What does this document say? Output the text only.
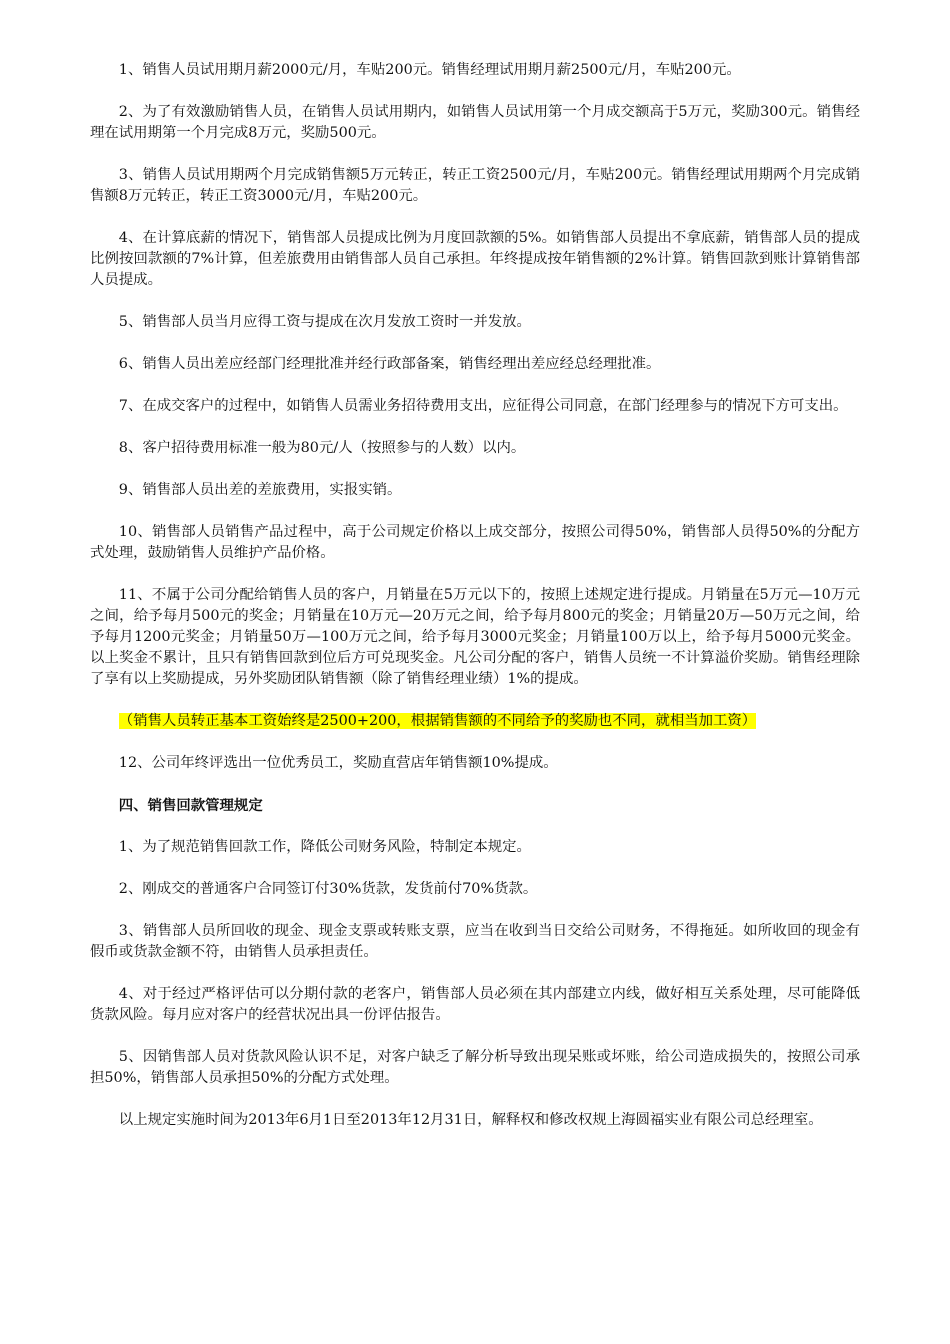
1、销售人员试用期月薪2000元/月，车贴200元。销售经理试用期月薪2500元/月，车贴200元。

2、为了有效激励销售人员，在销售人员试用期内，如销售人员试用第一个月成交额高于5万元，奖励300元。销售经理在试用期第一个月完成8万元，奖励500元。

3、销售人员试用期两个月完成销售额5万元转正，转正工资2500元/月，车贴200元。销售经理试用期两个月完成销售额8万元转正，转正工资3000元/月，车贴200元。

4、在计算底薪的情况下，销售部人员提成比例为月度回款额的5%。如销售部人员提出不拿底薪，销售部人员的提成比例按回款额的7%计算，但差旅费用由销售部人员自己承担。年终提成按年销售额的2%计算。销售回款到账计算销售部人员提成。

5、销售部人员当月应得工资与提成在次月发放工资时一并发放。

6、销售人员出差应经部门经理批准并经行政部备案，销售经理出差应经总经理批准。

7、在成交客户的过程中，如销售人员需业务招待费用支出，应征得公司同意，在部门经理参与的情况下方可支出。

8、客户招待费用标准一般为80元/人（按照参与的人数）以内。

9、销售部人员出差的差旅费用，实报实销。

10、销售部人员销售产品过程中，高于公司规定价格以上成交部分，按照公司得50%，销售部人员得50%的分配方式处理，鼓励销售人员维护产品价格。

11、不属于公司分配给销售人员的客户，月销量在5万元以下的，按照上述规定进行提成。月销量在5万元—10万元之间，给予每月500元的奖金；月销量在10万元—20万元之间，给予每月800元的奖金；月销量20万—50万元之间，给予每月1200元奖金；月销量50万—100万元之间，给予每月3000元奖金；月销量100万以上，给予每月5000元奖金。以上奖金不累计，且只有销售回款到位后方可兑现奖金。凡公司分配的客户，销售人员统一不计算溢价奖励。销售经理除了享有以上奖励提成，另外奖励团队销售额（除了销售经理业绩）1%的提成。

（销售人员转正基本工资始终是2500+200，根据销售额的不同给予的奖励也不同，就相当加工资）

12、公司年终评选出一位优秀员工，奖励直营店年销售额10%提成。

四、销售回款管理规定

1、为了规范销售回款工作，降低公司财务风险，特制定本规定。

2、刚成交的普通客户合同签订付30%货款，发货前付70%货款。

3、销售部人员所回收的现金、现金支票或转账支票，应当在收到当日交给公司财务，不得拖延。如所收回的现金有假币或货款金额不符，由销售人员承担责任。

4、对于经过严格评估可以分期付款的老客户，销售部人员必须在其内部建立内线，做好相互关系处理，尽可能降低货款风险。每月应对客户的经营状况出具一份评估报告。

5、因销售部人员对货款风险认识不足，对客户缺乏了解分析导致出现呆账或坏账，给公司造成损失的，按照公司承担50%，销售部人员承担50%的分配方式处理。

以上规定实施时间为2013年6月1日至2013年12月31日，解释权和修改权规上海圆福实业有限公司总经理室。
